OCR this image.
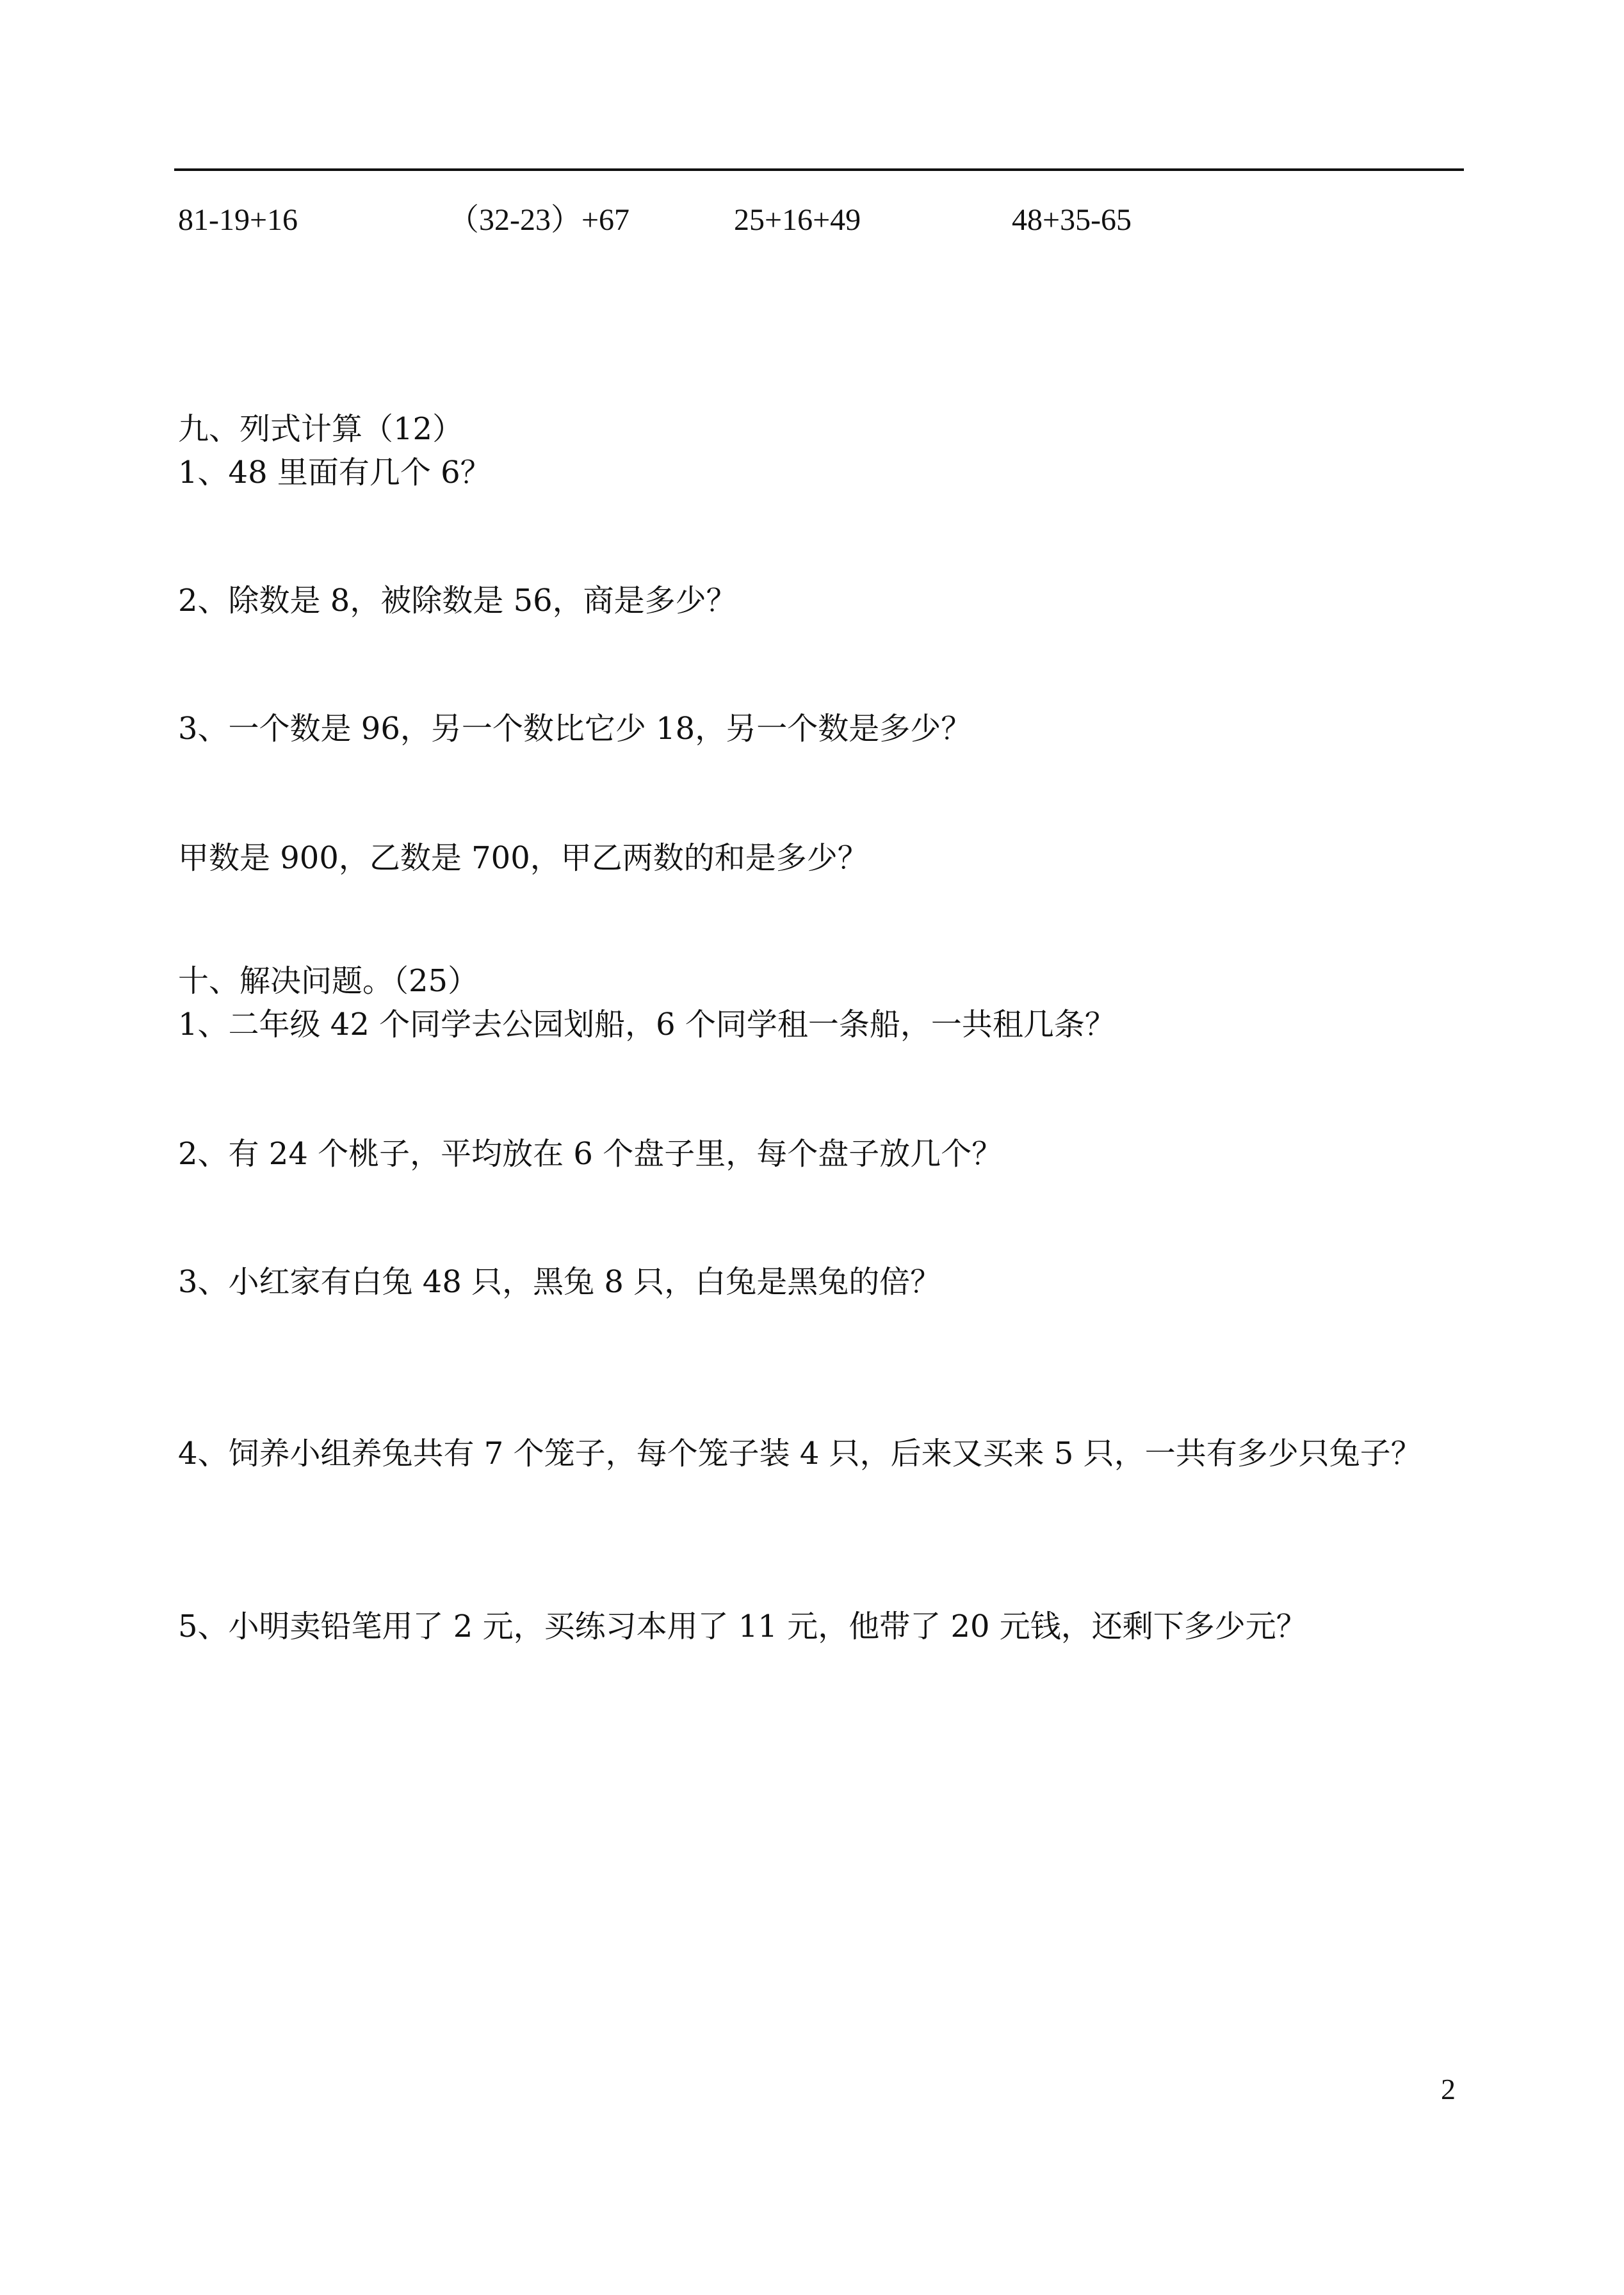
81-19+16	（32-23）+67	25+16+49	48+35-65
九、列式计算（12）
1、48 里面有几个 6？
2、除数是 8，被除数是 56，商是多少？
3、一个数是 96，另一个数比它少 18，另一个数是多少？
甲数是 900，乙数是 700，甲乙两数的和是多少？
十、解决问题。（25）
1、二年级 42 个同学去公园划船，6 个同学租一条船，一共租几条？
2、有 24 个桃子，平均放在 6 个盘子里，每个盘子放几个？
3、小红家有白兔 48 只，黑兔 8 只，白兔是黑兔的倍？
4、饲养小组养兔共有 7 个笼子，每个笼子装 4 只，后来又买来 5 只，一共有多少只兔子？
5、小明卖铅笔用了 2 元，买练习本用了 11 元，他带了 20 元钱，还剩下多少元？
2
